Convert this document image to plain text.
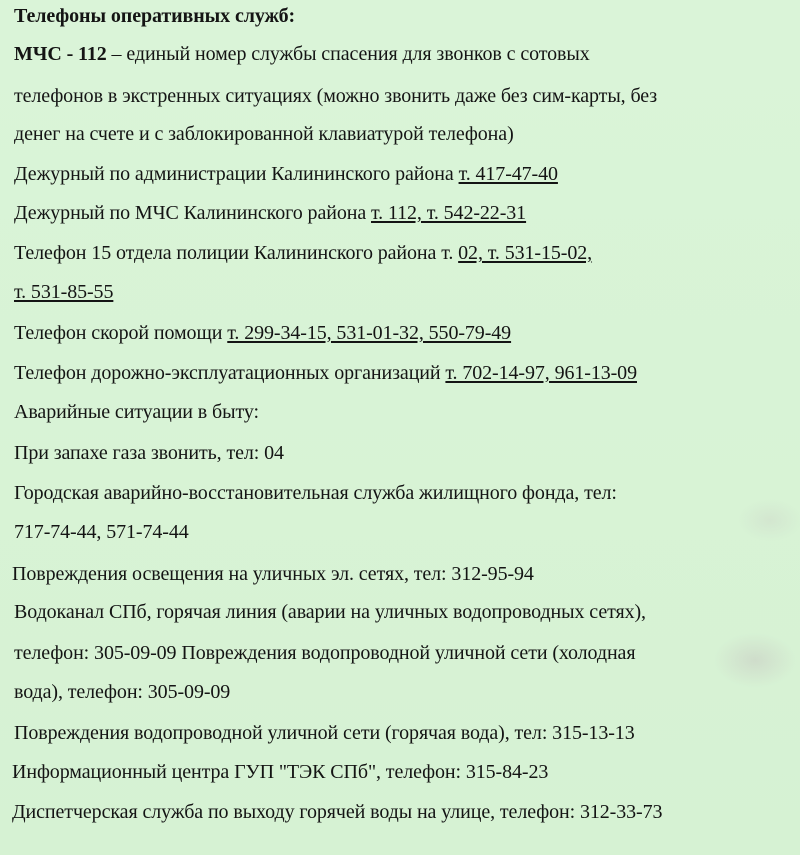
Телефоны оперативных служб:

МЧС - 112 – единый номер службы спасения для звонков с сотовых

телефонов в экстренных ситуациях (можно звонить даже без сим-карты, без

денег на счете и с заблокированной клавиатурой телефона)

Дежурный по администрации Калининского района т. 417-47-40

Дежурный по МЧС Калининского района т. 112, т. 542-22-31

Телефон 15 отдела полиции Калининского района т. 02, т. 531-15-02,

т. 531-85-55

Телефон скорой помощи т. 299-34-15, 531-01-32, 550-79-49

Телефон дорожно-эксплуатационных организаций т. 702-14-97, 961-13-09

Аварийные ситуации в быту:

При запахе газа звонить, тел: 04

Городская аварийно-восстановительная служба жилищного фонда, тел:

717-74-44, 571-74-44

Повреждения освещения на уличных эл. сетях, тел: 312-95-94

Водоканал СПб, горячая линия (аварии на уличных водопроводных сетях),

телефон: 305-09-09 Повреждения водопроводной уличной сети (холодная

вода), телефон: 305-09-09

Повреждения водопроводной уличной сети (горячая вода), тел: 315-13-13

Информационный центра ГУП "ТЭК СПб", телефон: 315-84-23

Диспетчерская служба по выходу горячей воды на улице, телефон: 312-33-73
